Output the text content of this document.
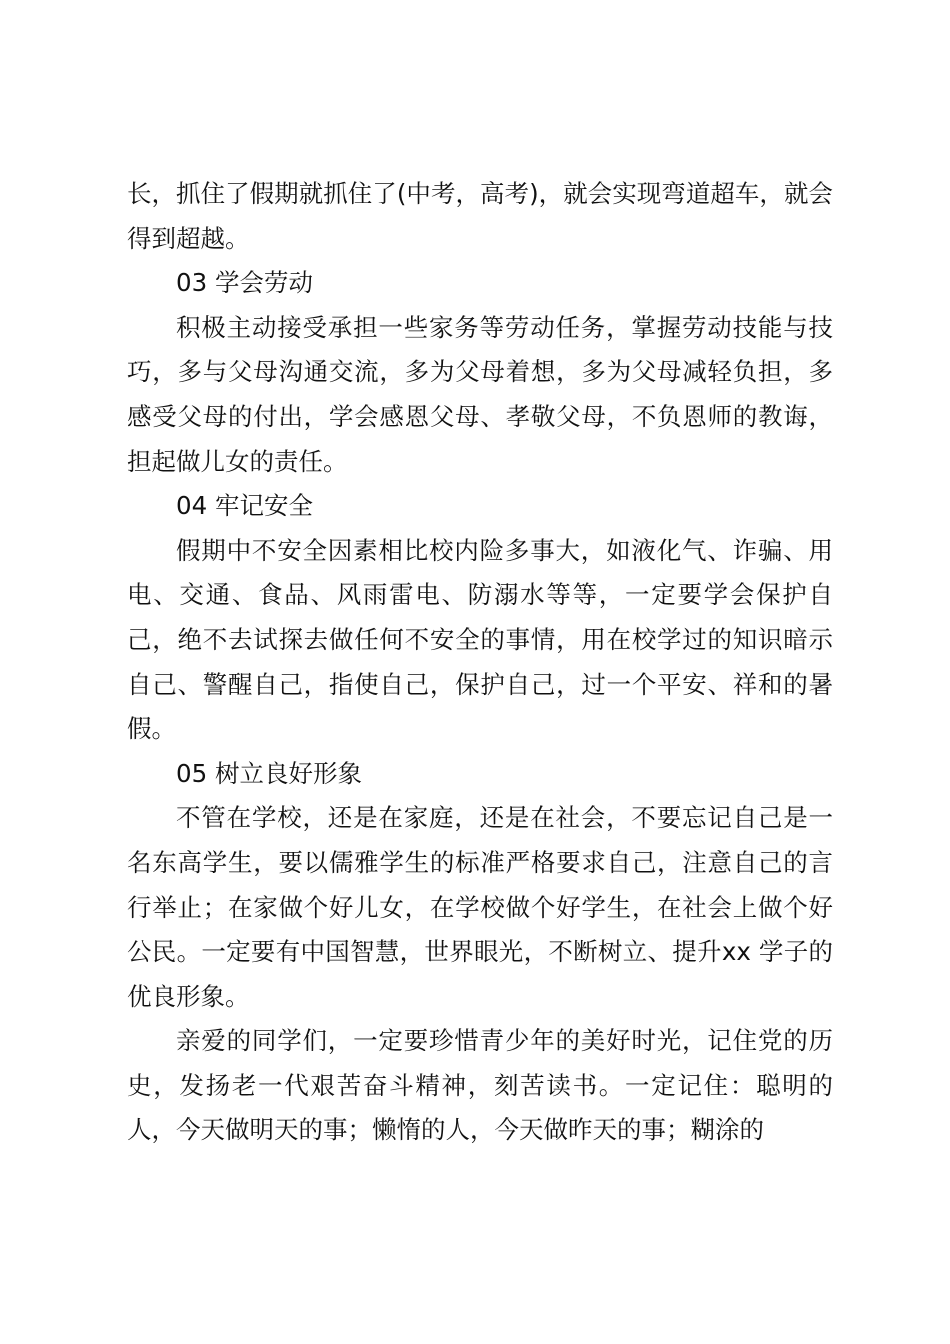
长，抓住了假期就抓住了(中考，高考)，就会实现弯道超车，就会得到超越。

03 学会劳动

积极主动接受承担一些家务等劳动任务，掌握劳动技能与技巧，多与父母沟通交流，多为父母着想，多为父母减轻负担，多感受父母的付出，学会感恩父母、孝敬父母，不负恩师的教诲，担起做儿女的责任。

04 牢记安全

假期中不安全因素相比校内险多事大，如液化气、诈骗、用电、交通、食品、风雨雷电、防溺水等等，一定要学会保护自己，绝不去试探去做任何不安全的事情，用在校学过的知识暗示自己、警醒自己，指使自己，保护自己，过一个平安、祥和的暑假。

05 树立良好形象

不管在学校，还是在家庭，还是在社会，不要忘记自己是一名东高学生，要以儒雅学生的标准严格要求自己，注意自己的言行举止；在家做个好儿女，在学校做个好学生，在社会上做个好公民。一定要有中国智慧，世界眼光，不断树立、提升xx 学子的优良形象。

亲爱的同学们，一定要珍惜青少年的美好时光，记住党的历史，发扬老一代艰苦奋斗精神，刻苦读书。一定记住：聪明的人，今天做明天的事；懒惰的人，今天做昨天的事；糊涂的
